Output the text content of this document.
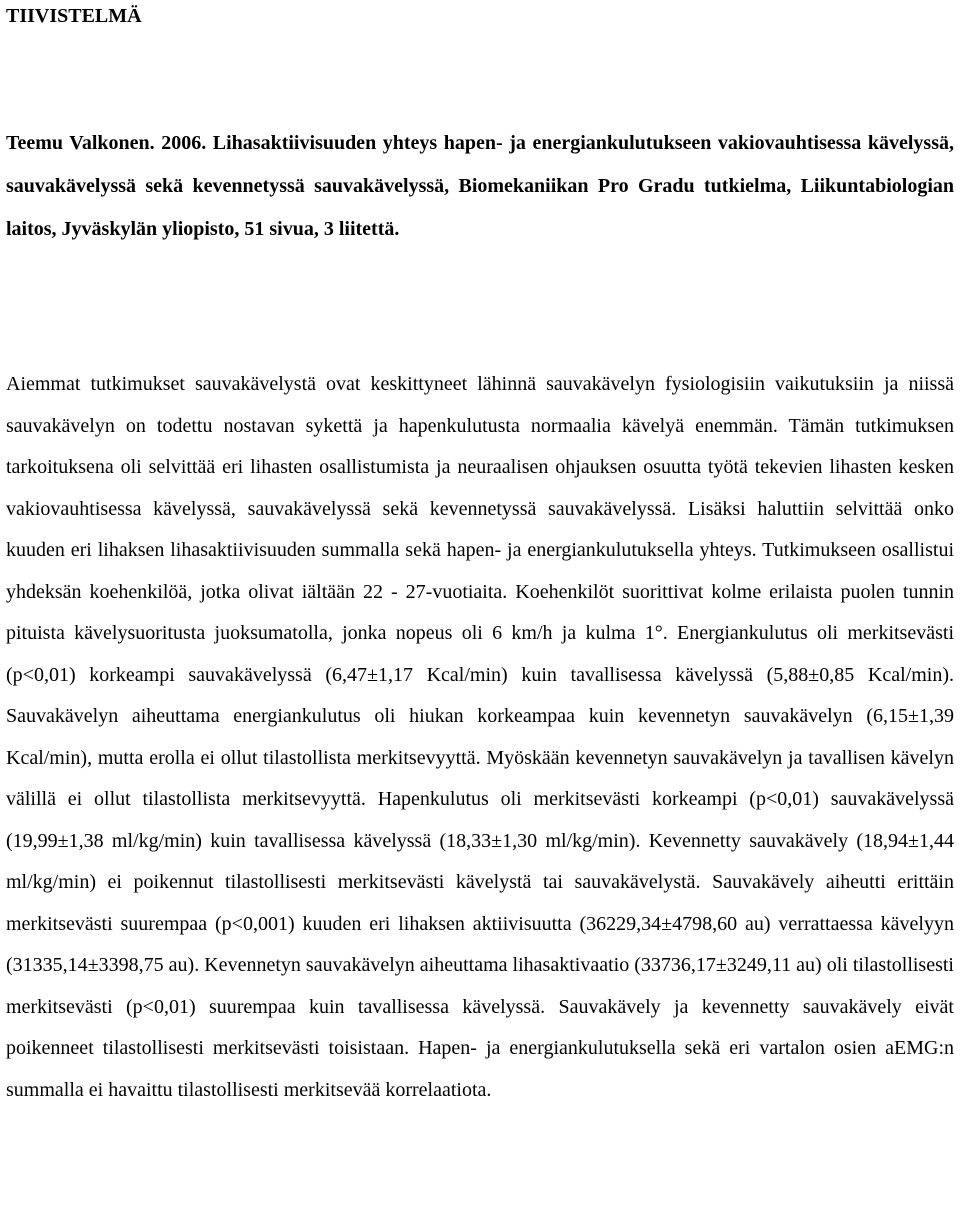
TIIVISTELMÄ

Teemu Valkonen. 2006. Lihasaktiivisuuden yhteys hapen- ja energiankulutukseen vakiovauhtisessa kävelyssä, sauvakävelyssä sekä kevennetyssä sauvakävelyssä, Biomekaniikan Pro Gradu tutkielma, Liikuntabiologian laitos, Jyväskylän yliopisto, 51 sivua, 3 liitettä.

Aiemmat tutkimukset sauvakävelystä ovat keskittyneet lähinnä sauvakävelyn fysiologisiin vaikutuksiin ja niissä sauvakävelyn on todettu nostavan sykettä ja hapenkulutusta normaalia kävelyä enemmän. Tämän tutkimuksen tarkoituksena oli selvittää eri lihasten osallistumista ja neuraalisen ohjauksen osuutta työtä tekevien lihasten kesken vakiovauhtisessa kävelyssä, sauvakävelyssä sekä kevennetyssä sauvakävelyssä. Lisäksi haluttiin selvittää onko kuuden eri lihaksen lihasaktiivisuuden summalla sekä hapen- ja energiankulutuksella yhteys. Tutkimukseen osallistui yhdeksän koehenkilöä, jotka olivat iältään 22 - 27-vuotiaita. Koehenkilöt suorittivat kolme erilaista puolen tunnin pituista kävelysuoritusta juoksumatolla, jonka nopeus oli 6 km/h ja kulma 1°. Energiankulutus oli merkitsevästi (p<0,01) korkeampi sauvakävelyssä (6,47±1,17 Kcal/min) kuin tavallisessa kävelyssä (5,88±0,85 Kcal/min). Sauvakävelyn aiheuttama energiankulutus oli hiukan korkeampaa kuin kevennetyn sauvakävelyn (6,15±1,39 Kcal/min), mutta erolla ei ollut tilastollista merkitsevyyttä. Myöskään kevennetyn sauvakävelyn ja tavallisen kävelyn välillä ei ollut tilastollista merkitsevyyttä. Hapenkulutus oli merkitsevästi korkeampi (p<0,01) sauvakävelyssä (19,99±1,38 ml/kg/min) kuin tavallisessa kävelyssä (18,33±1,30 ml/kg/min). Kevennetty sauvakävely (18,94±1,44 ml/kg/min) ei poikennut tilastollisesti merkitsevästi kävelystä tai sauvakävelystä. Sauvakävely aiheutti erittäin merkitsevästi suurempaa (p<0,001) kuuden eri lihaksen aktiivisuutta (36229,34±4798,60 au) verrattaessa kävelyyn (31335,14±3398,75 au). Kevennetyn sauvakävelyn aiheuttama lihasaktivaatio (33736,17±3249,11 au) oli tilastollisesti merkitsevästi (p<0,01) suurempaa kuin tavallisessa kävelyssä. Sauvakävely ja kevennetty sauvakävely eivät poikenneet tilastollisesti merkitsevästi toisistaan. Hapen- ja energiankulutuksella sekä eri vartalon osien aEMG:n summalla ei havaittu tilastollisesti merkitsevää korrelaatiota.
